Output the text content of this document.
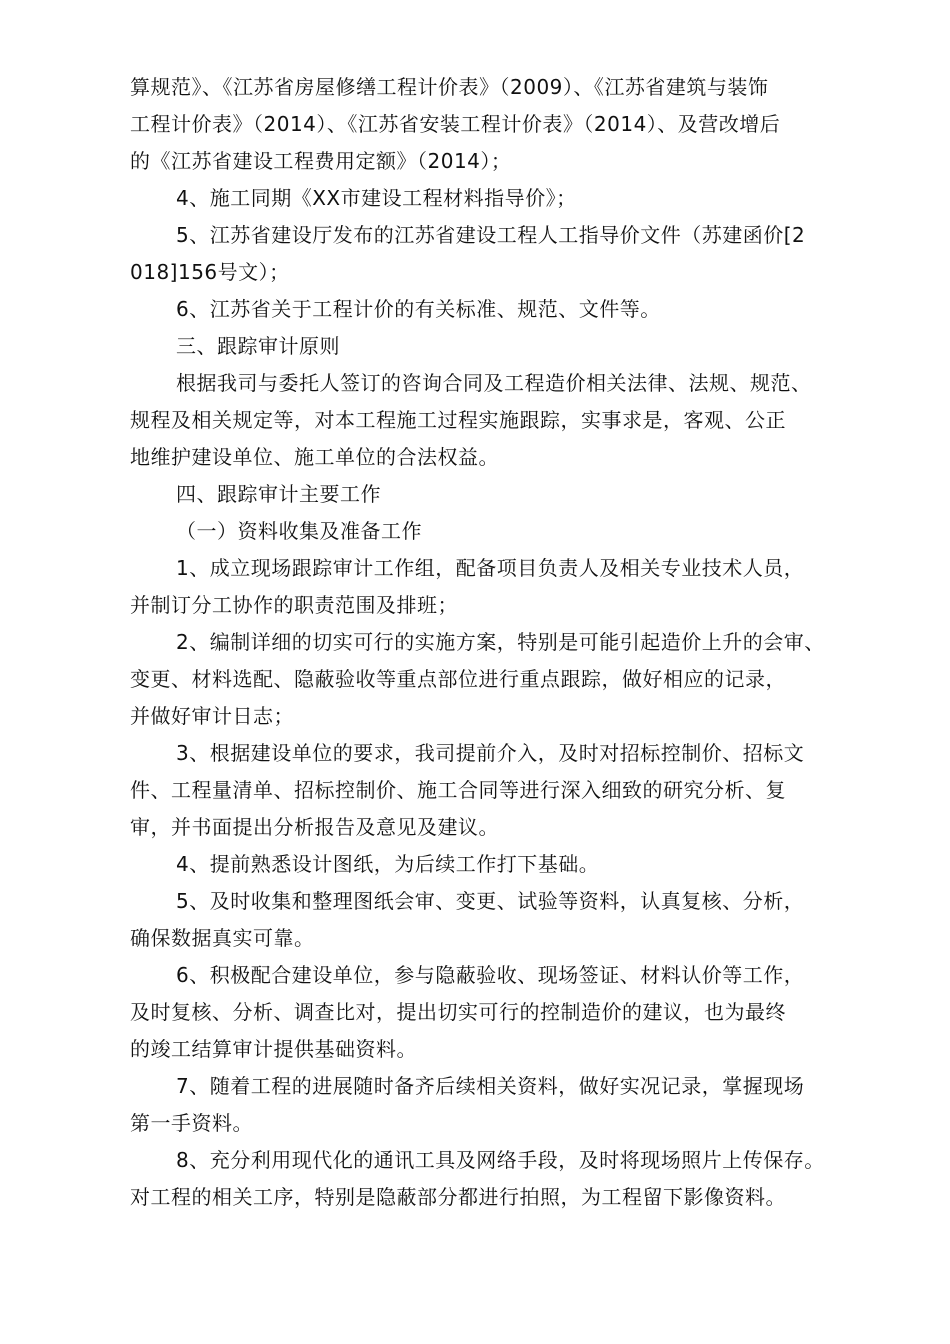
算规范》、《江苏省房屋修缮工程计价表》（2009）、《江苏省建筑与装饰

工程计价表》（2014）、《江苏省安装工程计价表》（2014）、及营改增后

的《江苏省建设工程费用定额》（2014）；

4、施工同期《XX市建设工程材料指导价》；

5、江苏省建设厅发布的江苏省建设工程人工指导价文件（苏建函价[2

018]156号文）；

6、江苏省关于工程计价的有关标准、规范、文件等。

三、跟踪审计原则

根据我司与委托人签订的咨询合同及工程造价相关法律、法规、规范、

规程及相关规定等，对本工程施工过程实施跟踪，实事求是，客观、公正

地维护建设单位、施工单位的合法权益。

四、跟踪审计主要工作

（一）资料收集及准备工作

1、成立现场跟踪审计工作组，配备项目负责人及相关专业技术人员，

并制订分工协作的职责范围及排班；

2、编制详细的切实可行的实施方案，特别是可能引起造价上升的会审、

变更、材料选配、隐蔽验收等重点部位进行重点跟踪，做好相应的记录，

并做好审计日志；

3、根据建设单位的要求，我司提前介入，及时对招标控制价、招标文

件、工程量清单、招标控制价、施工合同等进行深入细致的研究分析、复

审，并书面提出分析报告及意见及建议。

4、提前熟悉设计图纸，为后续工作打下基础。

5、及时收集和整理图纸会审、变更、试验等资料，认真复核、分析，

确保数据真实可靠。

6、积极配合建设单位，参与隐蔽验收、现场签证、材料认价等工作，

及时复核、分析、调查比对，提出切实可行的控制造价的建议，也为最终

的竣工结算审计提供基础资料。

7、随着工程的进展随时备齐后续相关资料，做好实况记录，掌握现场

第一手资料。

8、充分利用现代化的通讯工具及网络手段，及时将现场照片上传保存。

对工程的相关工序，特别是隐蔽部分都进行拍照，为工程留下影像资料。
